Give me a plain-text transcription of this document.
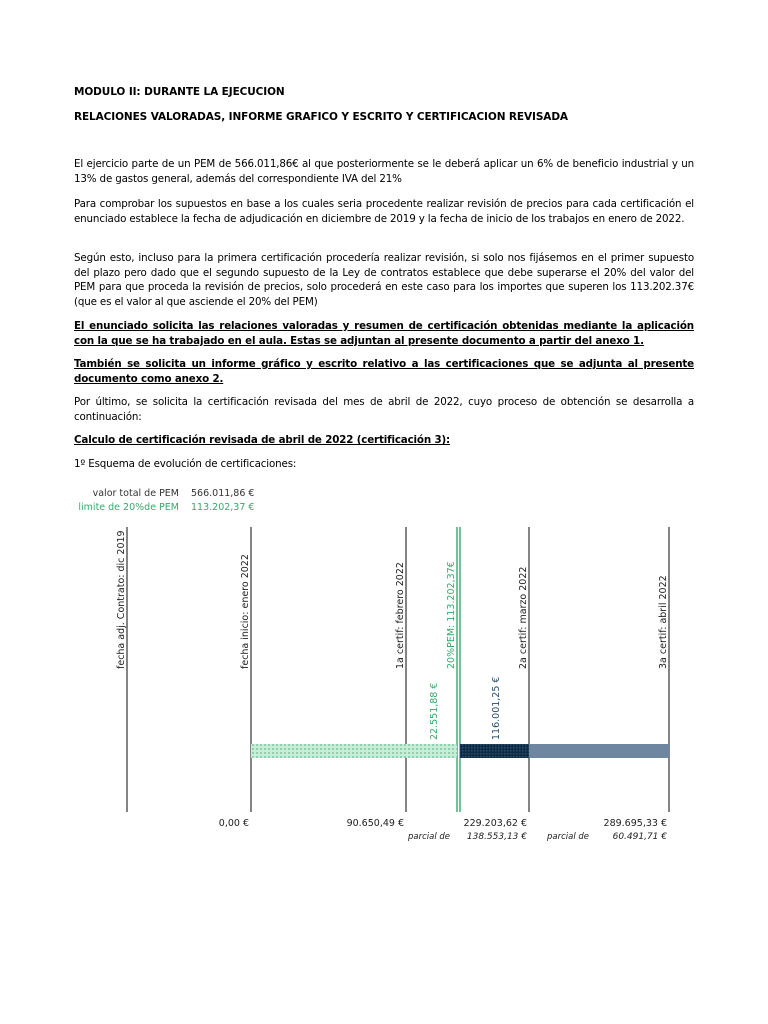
MODULO II: DURANTE LA EJECUCION
RELACIONES VALORADAS, INFORME GRAFICO Y ESCRITO Y CERTIFICACION REVISADA
El ejercicio parte de un PEM de 566.011,86€ al que posteriormente se le deberá aplicar un 6% de beneficio industrial y un 13% de gastos general, además del correspondiente IVA del 21%
Para comprobar los supuestos en base a los cuales seria procedente realizar revisión de precios para cada certificación el enunciado establece la fecha de adjudicación en diciembre de 2019 y la fecha de inicio de los trabajos en enero de 2022.
Según esto, incluso para la primera certificación procedería realizar revisión, si solo nos fijásemos en el primer supuesto del plazo pero dado que el segundo supuesto de la Ley de contratos establece que debe superarse el 20% del valor del PEM para que proceda la revisión de precios, solo procederá en este caso para los importes que superen los 113.202.37€ (que es el valor al que asciende el 20% del PEM)
El enunciado solicita las relaciones valoradas y resumen de certificación obtenidas mediante la aplicación con la que se ha trabajado en el aula. Estas se adjuntan al presente documento a partir del anexo 1.
También se solicita un informe gráfico y escrito relativo a las certificaciones que se adjunta al presente documento como anexo 2.
Por último, se solicita la certificación revisada del mes de abril de 2022, cuyo proceso de obtención se desarrolla a continuación:
Calculo de certificación revisada de abril de 2022 (certificación 3):
1º Esquema de evolución de certificaciones:
valor total de PEM 566.011,86 €
limite de 20%de PEM 113.202,37 €
fecha adj. Contrato: dic 2019	fecha inicio: enero 2022	1a certif: febrero 2022	20%PEM: 113.202,37€	2a certif: marzo 2022	3a certif: abril 2022
22.551,88 €	116.001,25 €
0,00 €	90.650,49 €	229.203,62 €	289.695,33 €
parcial de 138.553,13 € parcial de	60.491,71 €
